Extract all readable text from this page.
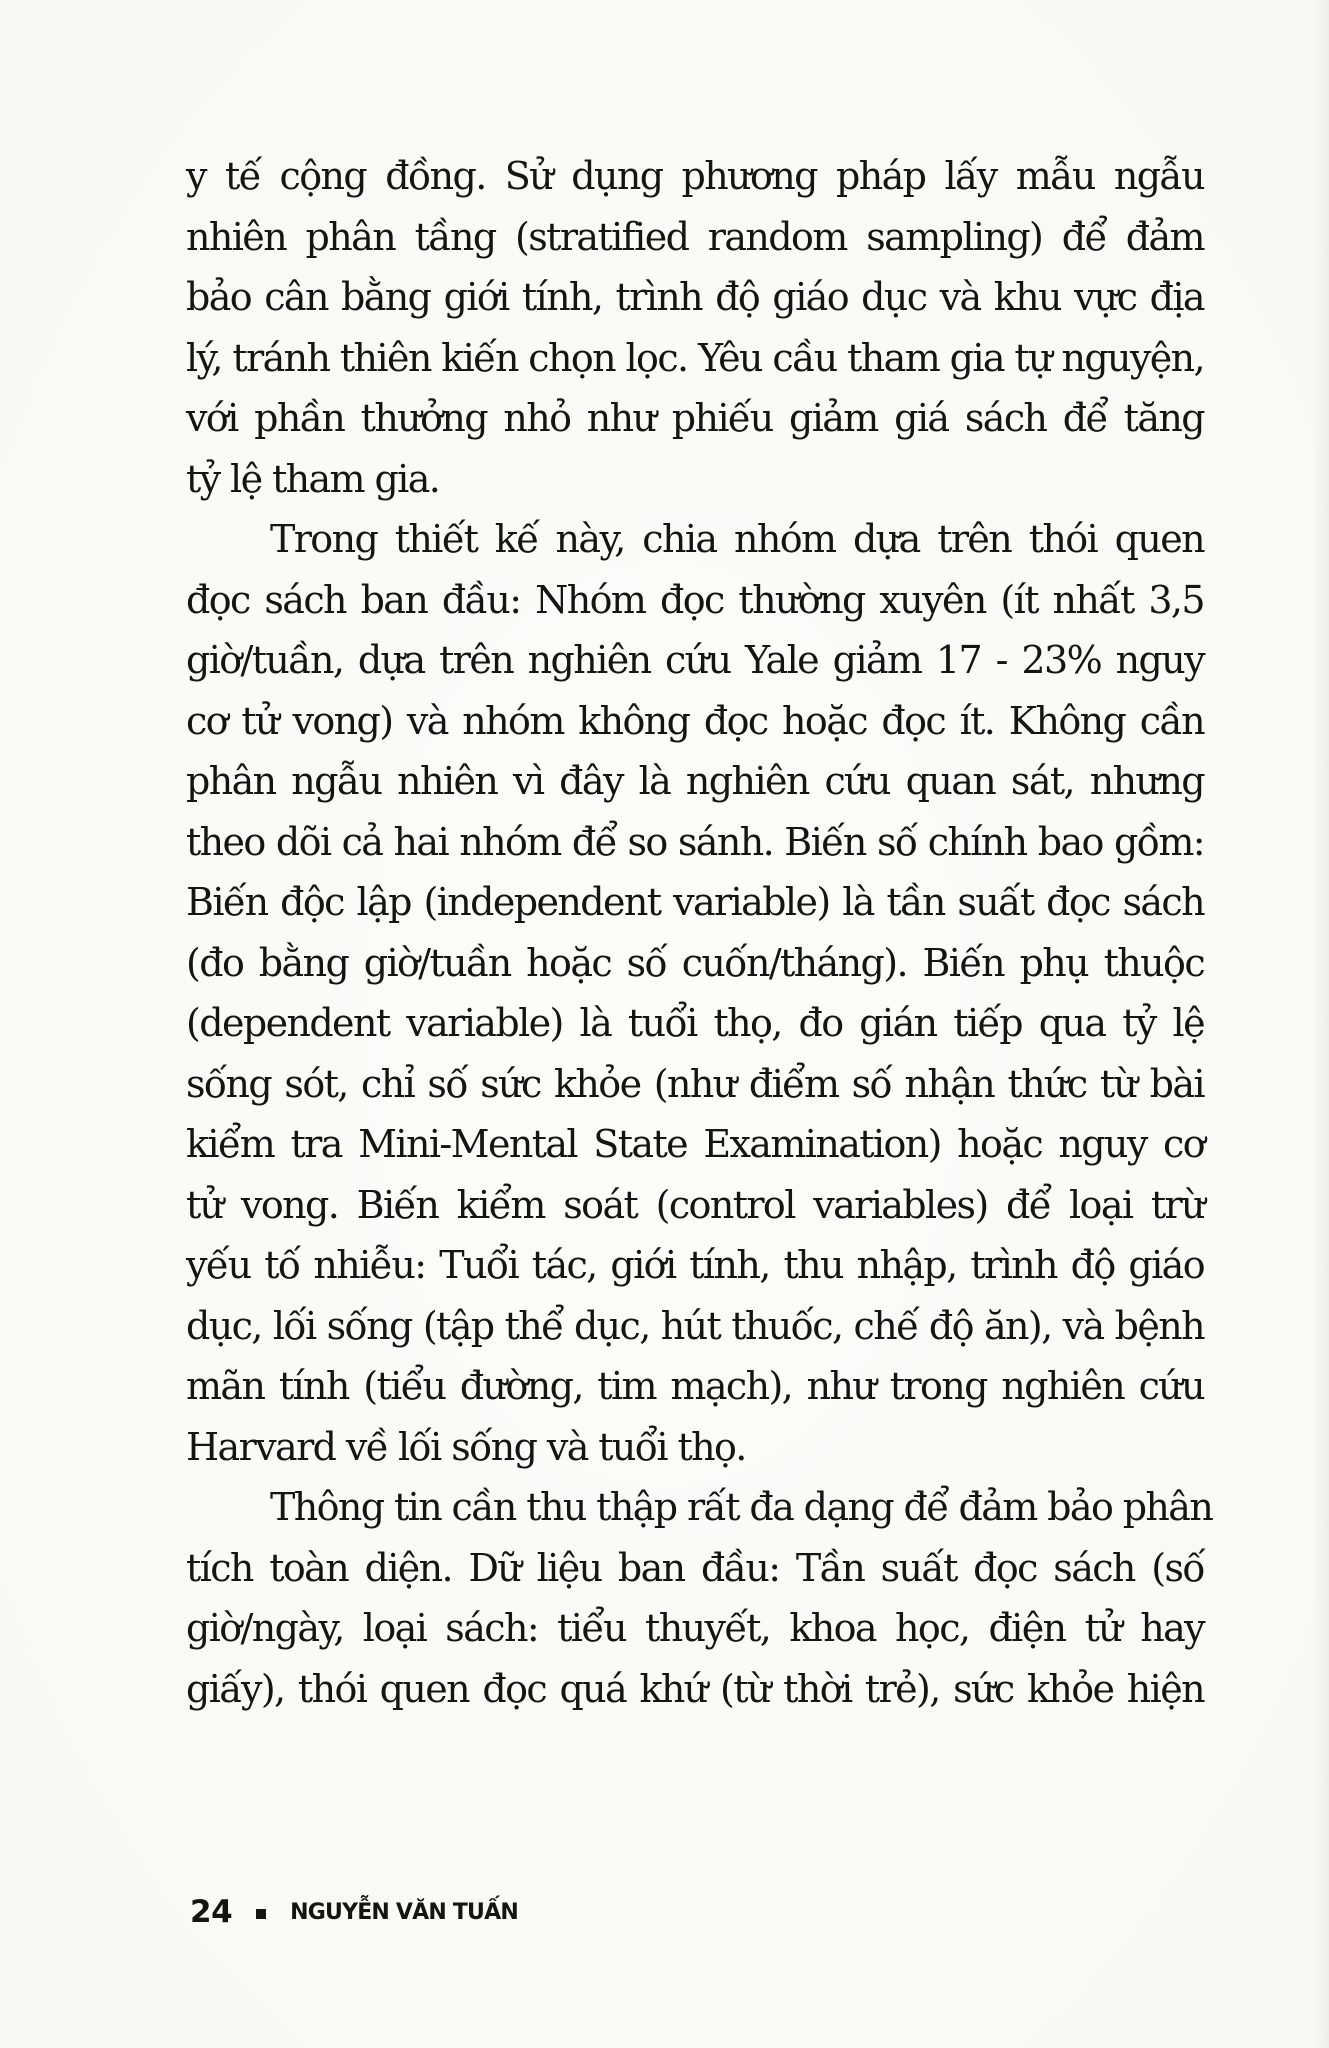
y tế cộng đồng. Sử dụng phương pháp lấy mẫu ngẫu
nhiên phân tầng (stratified random sampling) để đảm
bảo cân bằng giới tính, trình độ giáo dục và khu vực địa
lý, tránh thiên kiến chọn lọc. Yêu cầu tham gia tự nguyện,
với phần thưởng nhỏ như phiếu giảm giá sách để tăng
tỷ lệ tham gia.
Trong thiết kế này, chia nhóm dựa trên thói quen
đọc sách ban đầu: Nhóm đọc thường xuyên (ít nhất 3,5
giờ/tuần, dựa trên nghiên cứu Yale giảm 17 - 23% nguy
cơ tử vong) và nhóm không đọc hoặc đọc ít. Không cần
phân ngẫu nhiên vì đây là nghiên cứu quan sát, nhưng
theo dõi cả hai nhóm để so sánh. Biến số chính bao gồm:
Biến độc lập (independent variable) là tần suất đọc sách
(đo bằng giờ/tuần hoặc số cuốn/tháng). Biến phụ thuộc
(dependent variable) là tuổi thọ, đo gián tiếp qua tỷ lệ
sống sót, chỉ số sức khỏe (như điểm số nhận thức từ bài
kiểm tra Mini-Mental State Examination) hoặc nguy cơ
tử vong. Biến kiểm soát (control variables) để loại trừ
yếu tố nhiễu: Tuổi tác, giới tính, thu nhập, trình độ giáo
dục, lối sống (tập thể dục, hút thuốc, chế độ ăn), và bệnh
mãn tính (tiểu đường, tim mạch), như trong nghiên cứu
Harvard về lối sống và tuổi thọ.
Thông tin cần thu thập rất đa dạng để đảm bảo phân
tích toàn diện. Dữ liệu ban đầu: Tần suất đọc sách (số
giờ/ngày, loại sách: tiểu thuyết, khoa học, điện tử hay
giấy), thói quen đọc quá khứ (từ thời trẻ), sức khỏe hiện
24	NGUYỄN VĂN TUẤN
